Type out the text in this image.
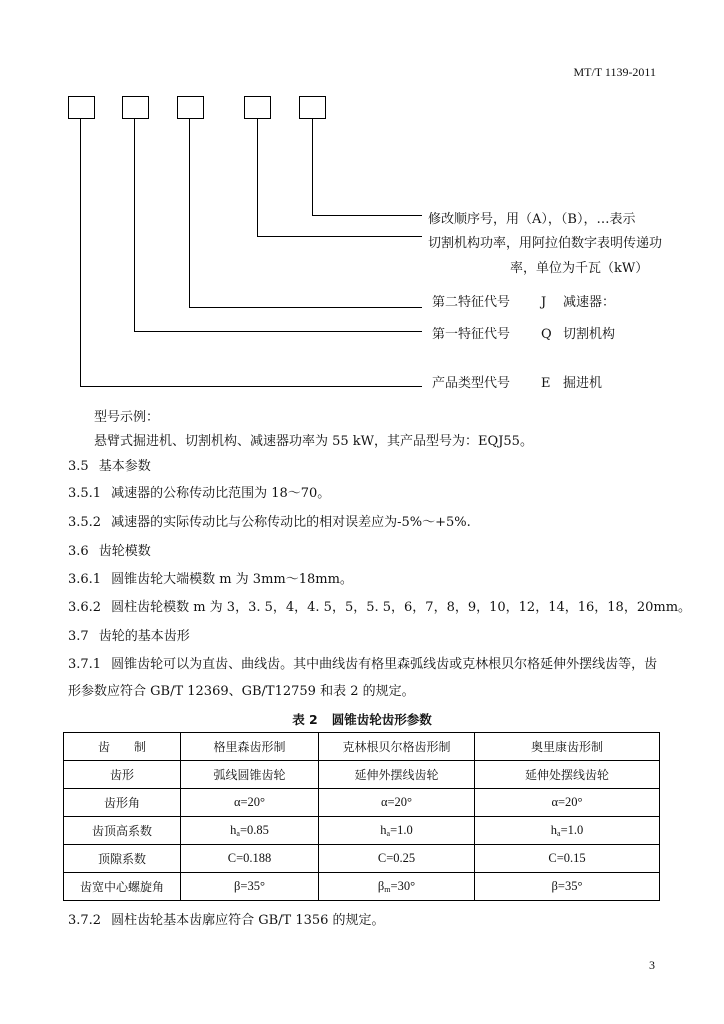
MT/T 1139-2011
修改顺序号，用（A），（B），…表示
切割机构功率，用阿拉伯数字表明传递功
率，单位为千瓦（kW）
第二特征代号 J 减速器：
第一特征代号 Q 切割机构
产品类型代号 E 掘进机
型号示例：
悬臂式掘进机、切割机构、减速器功率为 55 kW，其产品型号为：EQJ55。
3.5 基本参数
3.5.1 减速器的公称传动比范围为 18～70。
3.5.2 减速器的实际传动比与公称传动比的相对误差应为-5%～+5%.
3.6 齿轮模数
3.6.1 圆锥齿轮大端模数 m 为 3mm～18mm。
3.6.2 圆柱齿轮模数 m 为 3，3. 5，4，4. 5，5，5. 5，6，7，8，9，10，12，14，16，18，20mm。
3.7 齿轮的基本齿形
3.7.1 圆锥齿轮可以为直齿、曲线齿。其中曲线齿有格里森弧线齿或克林根贝尔格延伸外摆线齿等，齿
形参数应符合 GB/T 12369、GB/T12759 和表 2 的规定。
表 2 圆锥齿轮齿形参数
齿　　制	格里森齿形制	克林根贝尔格齿形制	奥里康齿形制
齿形	弧线圆锥齿轮	延伸外摆线齿轮	延伸处摆线齿轮
齿形角	α=20°	α=20°	α=20°
齿顶高系数	$h_a=0.85$	$h_a=1.0$	$h_a=1.0$
顶隙系数	C=0.188	C=0.25	C=0.15
齿宽中心螺旋角	β=35°	$\beta_m=30^\circ$	β=35°
3.7.2 圆柱齿轮基本齿廓应符合 GB/T 1356 的规定。
3
